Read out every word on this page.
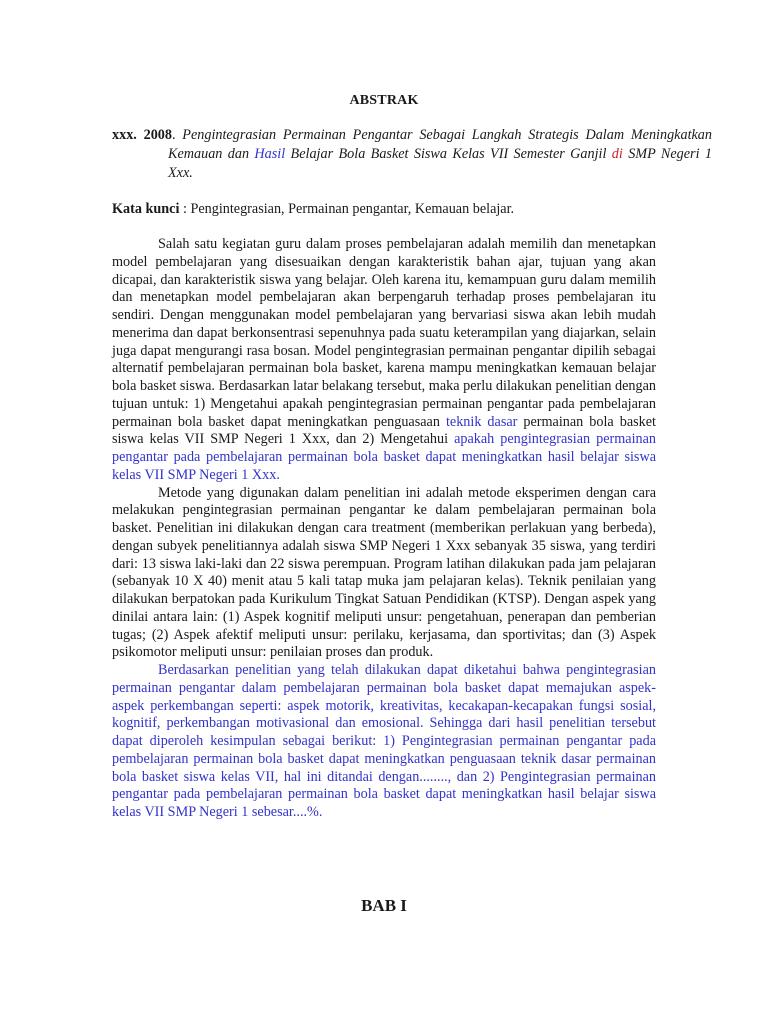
ABSTRAK
xxx. 2008. Pengintegrasian Permainan Pengantar Sebagai Langkah Strategis Dalam Meningkatkan Kemauan dan Hasil Belajar Bola Basket Siswa Kelas VII Semester Ganjil di SMP Negeri 1 Xxx.
Kata kunci : Pengintegrasian, Permainan pengantar, Kemauan belajar.

Salah satu kegiatan guru dalam proses pembelajaran adalah memilih dan menetapkan model pembelajaran yang disesuaikan dengan karakteristik bahan ajar, tujuan yang akan dicapai, dan karakteristik siswa yang belajar. Oleh karena itu, kemampuan guru dalam memilih dan menetapkan model pembelajaran akan berpengaruh terhadap proses pembelajaran itu sendiri. Dengan menggunakan model pembelajaran yang bervariasi siswa akan lebih mudah menerima dan dapat berkonsentrasi sepenuhnya pada suatu keterampilan yang diajarkan, selain juga dapat mengurangi rasa bosan. Model pengintegrasian permainan pengantar dipilih sebagai alternatif pembelajaran permainan bola basket, karena mampu meningkatkan kemauan belajar bola basket siswa. Berdasarkan latar belakang tersebut, maka perlu dilakukan penelitian dengan tujuan untuk: 1) Mengetahui apakah pengintegrasian permainan pengantar pada pembelajaran permainan bola basket dapat meningkatkan penguasaan teknik dasar permainan bola basket siswa kelas VII SMP Negeri 1 Xxx, dan 2) Mengetahui apakah pengintegrasian permainan pengantar pada pembelajaran permainan bola basket dapat meningkatkan hasil belajar siswa kelas VII SMP Negeri 1 Xxx.

Metode yang digunakan dalam penelitian ini adalah metode eksperimen dengan cara melakukan pengintegrasian permainan pengantar ke dalam pembelajaran permainan bola basket. Penelitian ini dilakukan dengan cara treatment (memberikan perlakuan yang berbeda), dengan subyek penelitiannya adalah siswa SMP Negeri 1 Xxx sebanyak 35 siswa, yang terdiri dari: 13 siswa laki-laki dan 22 siswa perempuan. Program latihan dilakukan pada jam pelajaran (sebanyak 10 X 40) menit atau 5 kali tatap muka jam pelajaran kelas). Teknik penilaian yang dilakukan berpatokan pada Kurikulum Tingkat Satuan Pendidikan (KTSP). Dengan aspek yang dinilai antara lain: (1) Aspek kognitif meliputi unsur: pengetahuan, penerapan dan pemberian tugas; (2) Aspek afektif meliputi unsur: perilaku, kerjasama, dan sportivitas; dan (3) Aspek psikomotor meliputi unsur: penilaian proses dan produk.

Berdasarkan penelitian yang telah dilakukan dapat diketahui bahwa pengintegrasian permainan pengantar dalam pembelajaran permainan bola basket dapat memajukan aspek-aspek perkembangan seperti: aspek motorik, kreativitas, kecakapan-kecapakan fungsi sosial, kognitif, perkembangan motivasional dan emosional. Sehingga dari hasil penelitian tersebut dapat diperoleh kesimpulan sebagai berikut: 1) Pengintegrasian permainan pengantar pada pembelajaran permainan bola basket dapat meningkatkan penguasaan teknik dasar permainan bola basket siswa kelas VII, hal ini ditandai dengan........, dan 2) Pengintegrasian permainan pengantar pada pembelajaran permainan bola basket dapat meningkatkan hasil belajar siswa kelas VII SMP Negeri 1 sebesar....%.

BAB I
